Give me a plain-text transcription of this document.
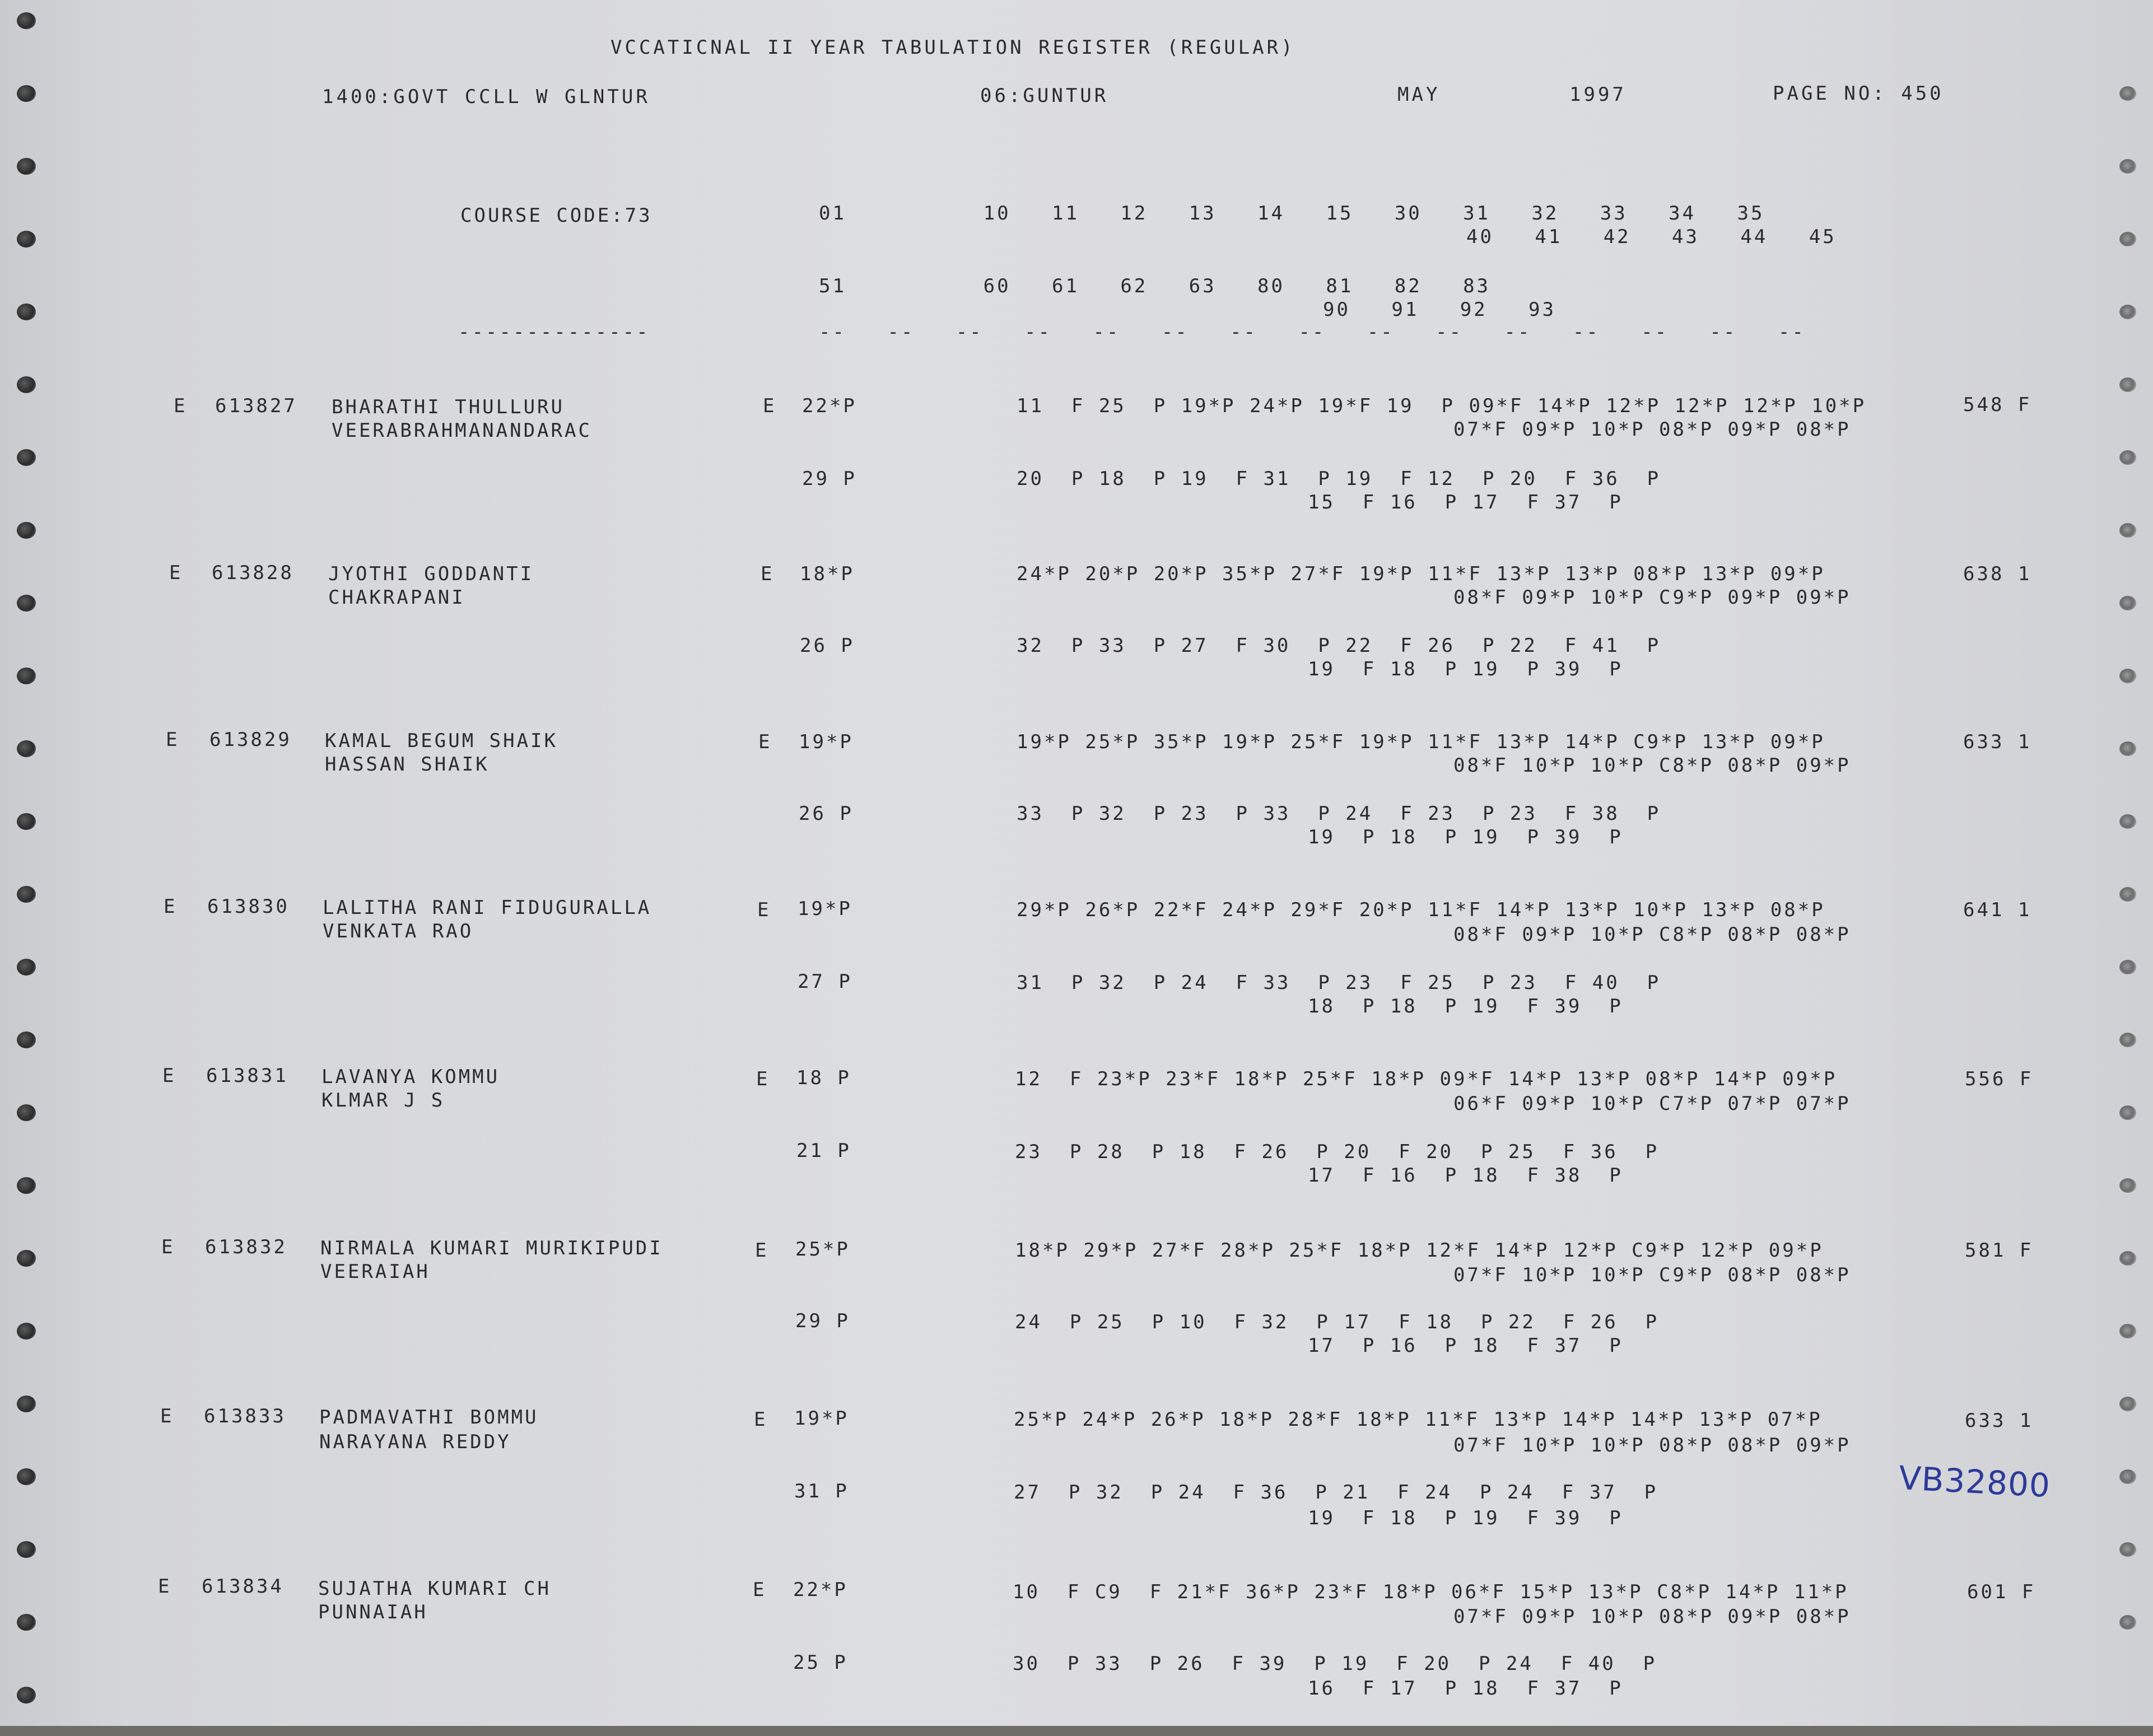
VCCATICNAL II YEAR TABULATION REGISTER (REGULAR)
1400:GOVT CCLL W GLNTUR	06:GUNTUR	MAY	1997	PAGE NO: 450
COURSE CODE:73	01          10   11   12   13   14   15   30   31   32   33   34   35
40   41   42   43   44   45
51          60   61   62   63   80   81   82   83
90   91   92   93
--------------	--   --   --   --   --   --   --   --   --   --   --   --   --   --   --
E 613827 BHARATHI THULLURU
VEERABRAHMANANDARAC
E 22*P	11  F 25  P 19*P 24*P 19*F 19  P 09*F 14*P 12*P 12*P 12*P 10*P
07*F 09*P 10*P 08*P 09*P 08*P
548 F
29 P	20  P 18  P 19  F 31  P 19  F 12  P 20  F 36  P
15  F 16  P 17  F 37  P
E 613828 JYOTHI GODDANTI
CHAKRAPANI
E 18*P	24*P 20*P 20*P 35*P 27*F 19*P 11*F 13*P 13*P 08*P 13*P 09*P
08*F 09*P 10*P C9*P 09*P 09*P
638 1
26 P	32  P 33  P 27  F 30  P 22  F 26  P 22  F 41  P
19  F 18  P 19  P 39  P
E 613829 KAMAL BEGUM SHAIK
HASSAN SHAIK
E 19*P	19*P 25*P 35*P 19*P 25*F 19*P 11*F 13*P 14*P C9*P 13*P 09*P
08*F 10*P 10*P C8*P 08*P 09*P
633 1
26 P	33  P 32  P 23  P 33  P 24  F 23  P 23  F 38  P
19  P 18  P 19  P 39  P
E 613830 LALITHA RANI FIDUGURALLA
VENKATA RAO
E 19*P	29*P 26*P 22*F 24*P 29*F 20*P 11*F 14*P 13*P 10*P 13*P 08*P
08*F 09*P 10*P C8*P 08*P 08*P
641 1
27 P	31  P 32  P 24  F 33  P 23  F 25  P 23  F 40  P
18  P 18  P 19  F 39  P
E 613831 LAVANYA KOMMU
KLMAR J S
E 18 P	12  F 23*P 23*F 18*P 25*F 18*P 09*F 14*P 13*P 08*P 14*P 09*P
06*F 09*P 10*P C7*P 07*P 07*P
556 F
21 P	23  P 28  P 18  F 26  P 20  F 20  P 25  F 36  P
17  F 16  P 18  F 38  P
E 613832 NIRMALA KUMARI MURIKIPUDI
VEERAIAH
E 25*P	18*P 29*P 27*F 28*P 25*F 18*P 12*F 14*P 12*P C9*P 12*P 09*P
07*F 10*P 10*P C9*P 08*P 08*P
581 F
29 P	24  P 25  P 10  F 32  P 17  F 18  P 22  F 26  P
17  P 16  P 18  F 37  P
E 613833 PADMAVATHI BOMMU
NARAYANA REDDY
E 19*P	25*P 24*P 26*P 18*P 28*F 18*P 11*F 13*P 14*P 14*P 13*P 07*P
07*F 10*P 10*P 08*P 08*P 09*P
633 1
31 P	27  P 32  P 24  F 36  P 21  F 24  P 24  F 37  P
19  F 18  P 19  F 39  P
E 613834 SUJATHA KUMARI CH
PUNNAIAH
E 22*P	10  F C9  F 21*F 36*P 23*F 18*P 06*F 15*P 13*P C8*P 14*P 11*P
07*F 09*P 10*P 08*P 09*P 08*P
601 F
25 P	30  P 33  P 26  F 39  P 19  F 20  P 24  F 40  P
16  F 17  P 18  F 37  P
VB32800
